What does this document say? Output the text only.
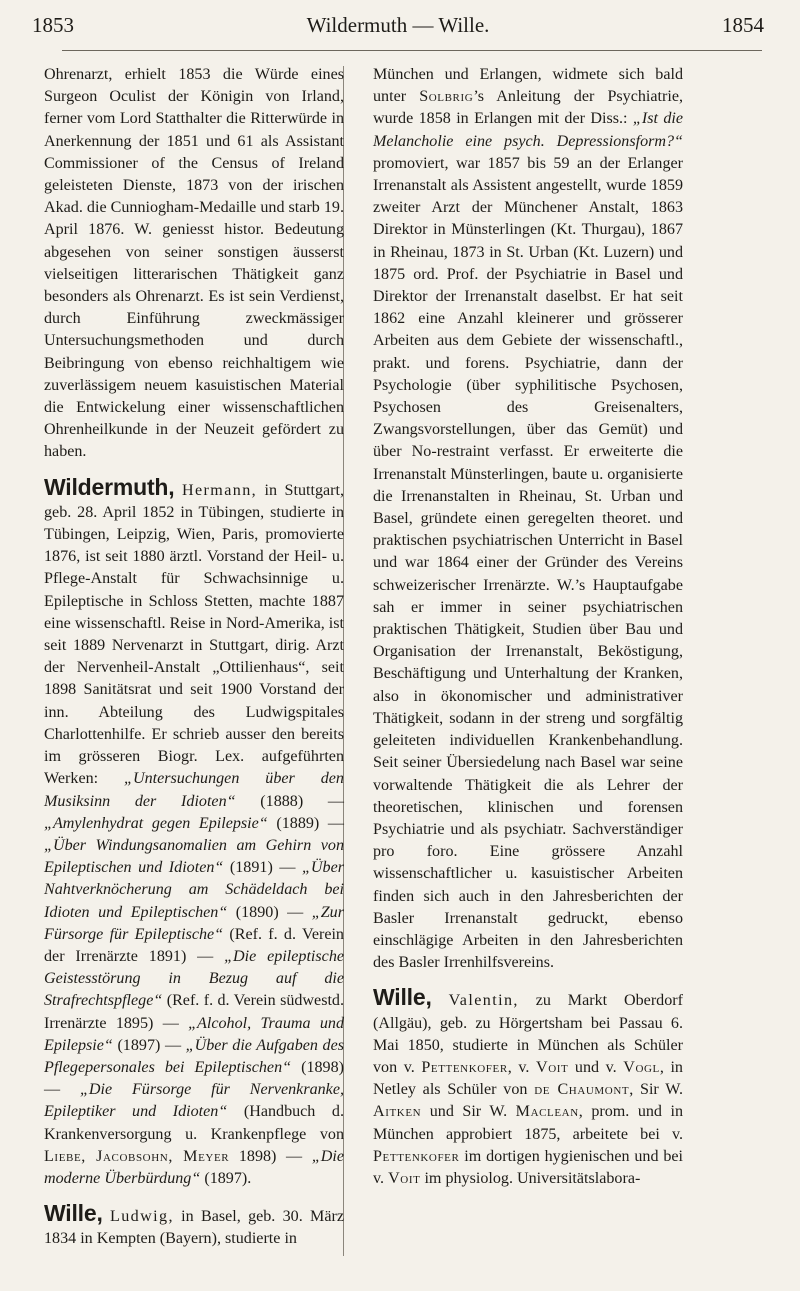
1853	Wildermuth — Wille.	1854

Ohrenarzt, erhielt 1853 die Würde eines Surgeon Oculist der Königin von Irland, ferner vom Lord Statthalter die Ritterwürde in Anerkennung der 1851 und 61 als Assistant Commissioner of the Census of Ireland geleisteten Dienste, 1873 von der irischen Akad. die Cunniogham-Medaille und starb 19. April 1876. W. geniesst histor. Bedeutung abgesehen von seiner sonstigen äusserst vielseitigen litterarischen Thätigkeit ganz besonders als Ohrenarzt. Es ist sein Verdienst, durch Einführung zweckmässiger Untersuchungsmethoden und durch Beibringung von ebenso reichhaltigem wie zuverlässigem neuem kasuistischen Material die Entwickelung einer wissenschaftlichen Ohrenheilkunde in der Neuzeit gefördert zu haben.

Wildermuth, Hermann, in Stuttgart, geb. 28. April 1852 in Tübingen, studierte in Tübingen, Leipzig, Wien, Paris, promovierte 1876, ist seit 1880 ärztl. Vorstand der Heil- u. Pflege-Anstalt für Schwachsinnige u. Epileptische in Schloss Stetten, machte 1887 eine wissenschaftl. Reise in Nord-Amerika, ist seit 1889 Nervenarzt in Stuttgart, dirig. Arzt der Nervenheil-Anstalt „Ottilienhaus“, seit 1898 Sanitätsrat und seit 1900 Vorstand der inn. Abteilung des Ludwigspitales Charlottenhilfe. Er schrieb ausser den bereits im grösseren Biogr. Lex. aufgeführten Werken: „Untersuchungen über den Musiksinn der Idioten“ (1888) — „Amylenhydrat gegen Epilepsie“ (1889) — „Über Windungsanomalien am Gehirn von Epileptischen und Idioten“ (1891) — „Über Nahtverknöcherung am Schädeldach bei Idioten und Epileptischen“ (1890) — „Zur Fürsorge für Epileptische“ (Ref. f. d. Verein der Irrenärzte 1891) — „Die epileptische Geistesstörung in Bezug auf die Strafrechtspflege“ (Ref. f. d. Verein südwestd. Irrenärzte 1895) — „Alcohol, Trauma und Epilepsie“ (1897) — „Über die Aufgaben des Pflegepersonales bei Epileptischen“ (1898) — „Die Fürsorge für Nervenkranke, Epileptiker und Idioten“ (Handbuch d. Krankenversorgung u. Krankenpflege von Liebe, Jacobsohn, Meyer 1898) — „Die moderne Überbürdung“ (1897).

Wille, Ludwig, in Basel, geb. 30. März 1834 in Kempten (Bayern), studierte in

München und Erlangen, widmete sich bald unter Solbrig’s Anleitung der Psychiatrie, wurde 1858 in Erlangen mit der Diss.: „Ist die Melancholie eine psych. Depressionsform?“ promoviert, war 1857 bis 59 an der Erlanger Irrenanstalt als Assistent angestellt, wurde 1859 zweiter Arzt der Münchener Anstalt, 1863 Direktor in Münsterlingen (Kt. Thurgau), 1867 in Rheinau, 1873 in St. Urban (Kt. Luzern) und 1875 ord. Prof. der Psychiatrie in Basel und Direktor der Irrenanstalt daselbst. Er hat seit 1862 eine Anzahl kleinerer und grösserer Arbeiten aus dem Gebiete der wissenschaftl., prakt. und forens. Psychiatrie, dann der Psychologie (über syphilitische Psychosen, Psychosen des Greisenalters, Zwangsvorstellungen, über das Gemüt) und über No-restraint verfasst. Er erweiterte die Irrenanstalt Münsterlingen, baute u. organisierte die Irrenanstalten in Rheinau, St. Urban und Basel, gründete einen geregelten theoret. und praktischen psychiatrischen Unterricht in Basel und war 1864 einer der Gründer des Vereins schweizerischer Irrenärzte. W.’s Hauptaufgabe sah er immer in seiner psychiatrischen praktischen Thätigkeit, Studien über Bau und Organisation der Irrenanstalt, Beköstigung, Beschäftigung und Unterhaltung der Kranken, also in ökonomischer und administrativer Thätigkeit, sodann in der streng und sorgfältig geleiteten individuellen Krankenbehandlung. Seit seiner Übersiedelung nach Basel war seine vorwaltende Thätigkeit die als Lehrer der theoretischen, klinischen und forensen Psychiatrie und als psychiatr. Sachverständiger pro foro. Eine grössere Anzahl wissenschaftlicher u. kasuistischer Arbeiten finden sich auch in den Jahresberichten der Basler Irrenanstalt gedruckt, ebenso einschlägige Arbeiten in den Jahresberichten des Basler Irrenhilfsvereins.

Wille, Valentin, zu Markt Oberdorf (Allgäu), geb. zu Hörgertsham bei Passau 6. Mai 1850, studierte in München als Schüler von v. Pettenkofer, v. Voit und v. Vogl, in Netley als Schüler von de Chaumont, Sir W. Aitken und Sir W. Maclean, prom. und in München approbiert 1875, arbeitete bei v. Pettenkofer im dortigen hygienischen und bei v. Voit im physiolog. Universitätslabora-
